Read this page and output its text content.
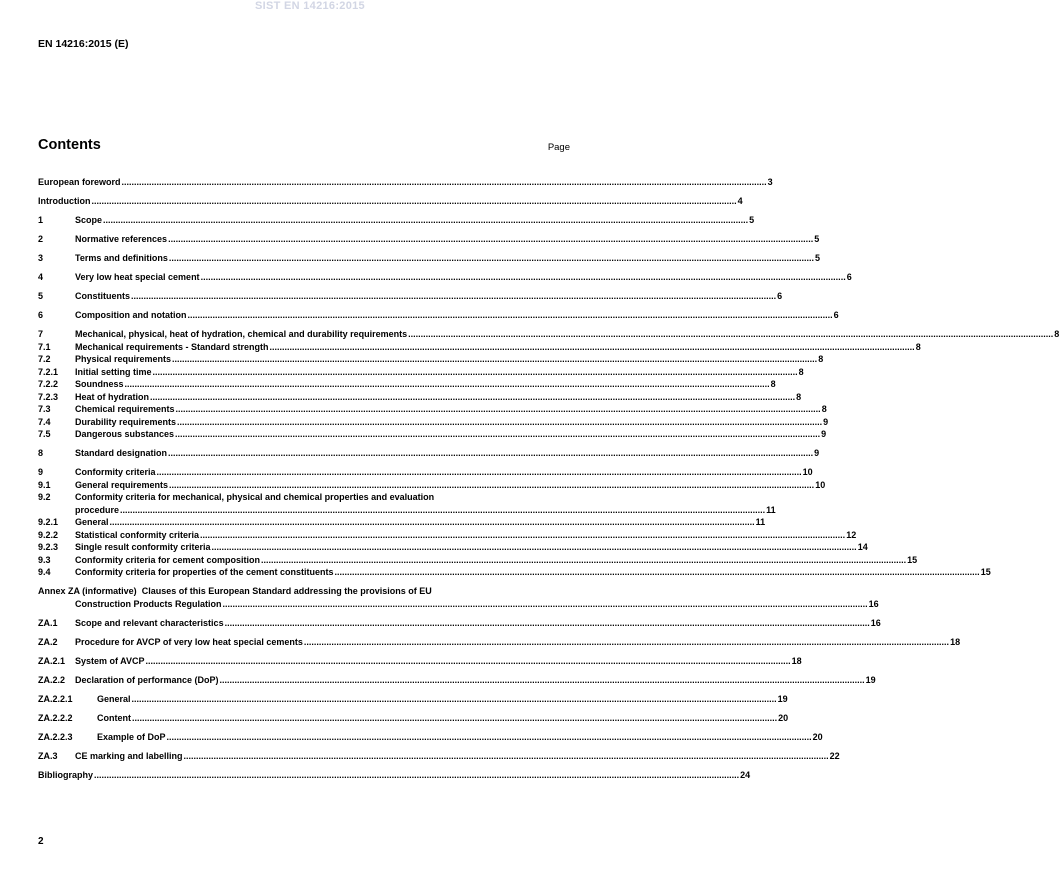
SIST EN 14216:2015
EN 14216:2015 (E)
Contents	Page
European foreword .....	3
Introduction .....	4
1	Scope .....	5
2	Normative references .....	5
3	Terms and definitions .....	5
4	Very low heat special cement .....	6
5	Constituents .....	6
6	Composition and notation .....	6
7	Mechanical, physical, heat of hydration, chemical and durability requirements .....	8
7.1	Mechanical requirements - Standard strength .....	8
7.2	Physical requirements .....	8
7.2.1	Initial setting time .....	8
7.2.2	Soundness .....	8
7.2.3	Heat of hydration .....	8
7.3	Chemical requirements .....	8
7.4	Durability requirements .....	9
7.5	Dangerous substances .....	9
8	Standard designation .....	9
9	Conformity criteria .....	10
9.1	General requirements .....	10
9.2	Conformity criteria for mechanical, physical and chemical properties and evaluation
procedure .....	11
9.2.1	General .....	11
9.2.2	Statistical conformity criteria .....	12
9.2.3	Single result conformity criteria .....	14
9.3	Conformity criteria for cement composition .....	15
9.4	Conformity criteria for properties of the cement constituents .....	15
Annex ZA (informative) Clauses of this European Standard addressing the provisions of EU
Construction Products Regulation .....	16
ZA.1	Scope and relevant characteristics .....	16
ZA.2	Procedure for AVCP of very low heat special cements .....	18
ZA.2.1	System of AVCP .....	18
ZA.2.2	Declaration of performance (DoP) .....	19
ZA.2.2.1	General .....	19
ZA.2.2.2	Content .....	20
ZA.2.2.3	Example of DoP .....	20
ZA.3	CE marking and labelling .....	22
Bibliography .....	24
2
